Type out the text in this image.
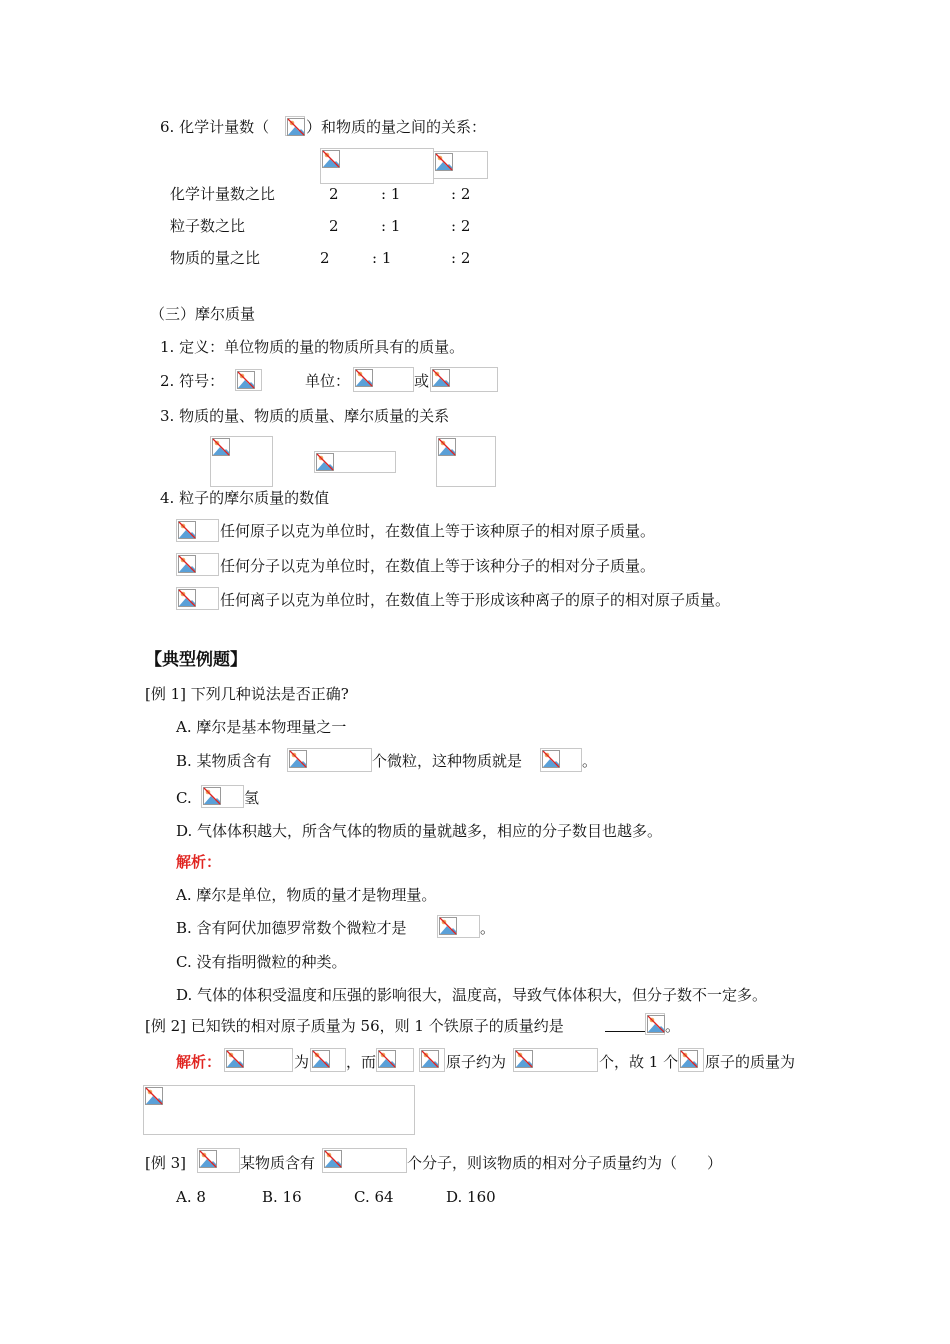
6. 化学计量数（ ）和物质的量之间的关系：
化学计量数之比	2	: 1	: 2
粒子数之比	2	: 1	: 2
物质的量之比	2	: 1	: 2
（三）摩尔质量
1. 定义：单位物质的量的物质所具有的质量。
2. 符号：	单位：	或
3. 物质的量、物质的质量、摩尔质量的关系
4. 粒子的摩尔质量的数值
任何原子以克为单位时，在数值上等于该种原子的相对原子质量。
任何分子以克为单位时，在数值上等于该种分子的相对分子质量。
任何离子以克为单位时，在数值上等于形成该种离子的原子的相对原子质量。
【典型例题】
[例 1] 下列几种说法是否正确?
A. 摩尔是基本物理量之一
B. 某物质含有	个微粒，这种物质就是	。
C.	氢
D. 气体体积越大，所含气体的物质的量就越多，相应的分子数目也越多。
解析：
A. 摩尔是单位，物质的量才是物理量。
B. 含有阿伏加德罗常数个微粒才是	。
C. 没有指明微粒的种类。
D. 气体的体积受温度和压强的影响很大，温度高，导致气体体积大，但分子数不一定多。
[例 2] 已知铁的相对原子质量为 56，则 1 个铁原子的质量约是	。
解析：	为 ，而	原子约为	个，故 1 个 原子的质量为
[例 3]	某物质含有	个分子，则该物质的相对分子质量约为（　　）
A. 8	B. 16	C. 64	D. 160
